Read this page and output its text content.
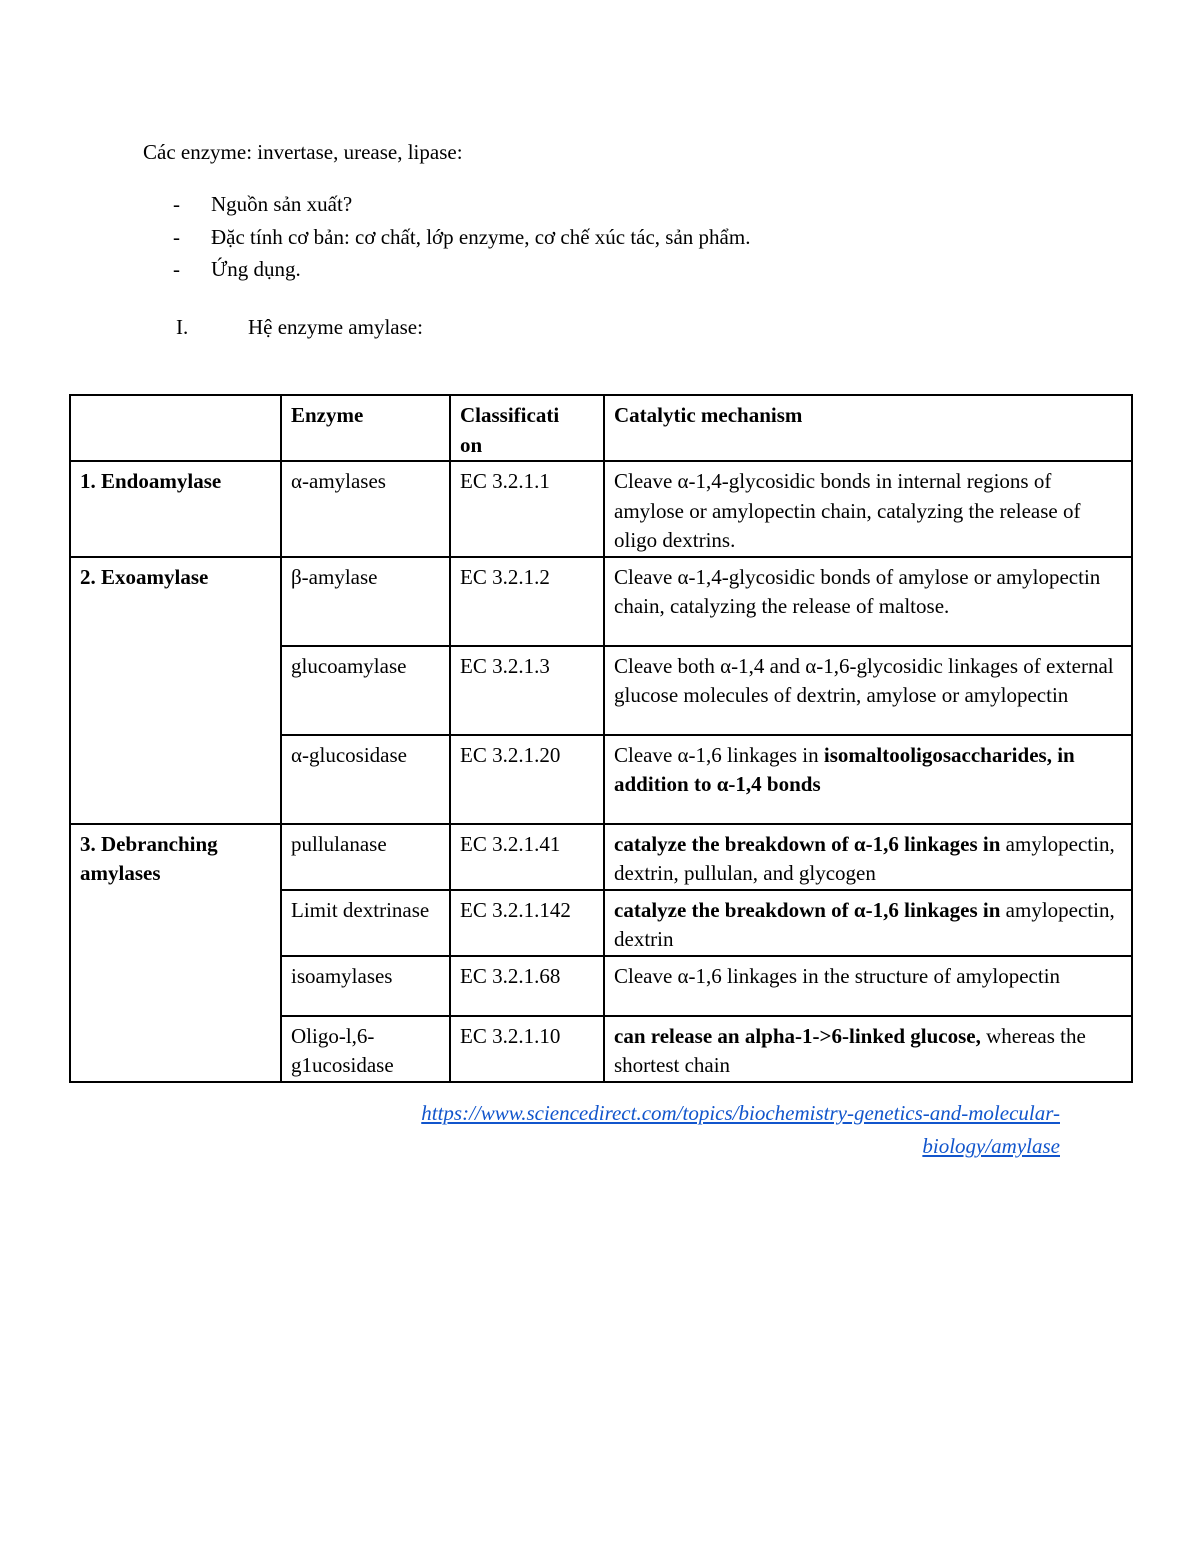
Các enzyme: invertase, urease, lipase:
-	Nguồn sản xuất?
-	Đặc tính cơ bản: cơ chất, lớp enzyme, cơ chế xúc tác, sản phẩm.
-	Ứng dụng.
I.	Hệ enzyme amylase:
	Enzyme	Classificati
on	Catalytic mechanism
1. Endoamylase	α-amylases	EC 3.2.1.1	Cleave α-1,4-glycosidic bonds in internal regions of amylose or amylopectin chain, catalyzing the release of oligo dextrins.
2. Exoamylase	β-amylase	EC 3.2.1.2	Cleave α-1,4-glycosidic bonds of amylose or amylopectin chain, catalyzing the release of maltose.
	glucoamylase	EC 3.2.1.3	Cleave both α-1,4 and α-1,6-glycosidic linkages of external glucose molecules of dextrin, amylose or amylopectin
	α-glucosidase	EC 3.2.1.20	Cleave α-1,6 linkages in isomaltooligosaccharides, in addition to α-1,4 bonds
3. Debranching amylases	pullulanase	EC 3.2.1.41	catalyze the breakdown of α-1,6 linkages in amylopectin, dextrin, pullulan, and glycogen
	Limit dextrinase	EC 3.2.1.142	catalyze the breakdown of α-1,6 linkages in amylopectin, dextrin
	isoamylases	EC 3.2.1.68	Cleave α-1,6 linkages in the structure of amylopectin
	Oligo-l,6-
g1ucosidase	EC 3.2.1.10	can release an alpha-1->6-linked glucose, whereas the shortest chain
https://www.sciencedirect.com/topics/biochemistry-genetics-and-molecular-
biology/amylase
